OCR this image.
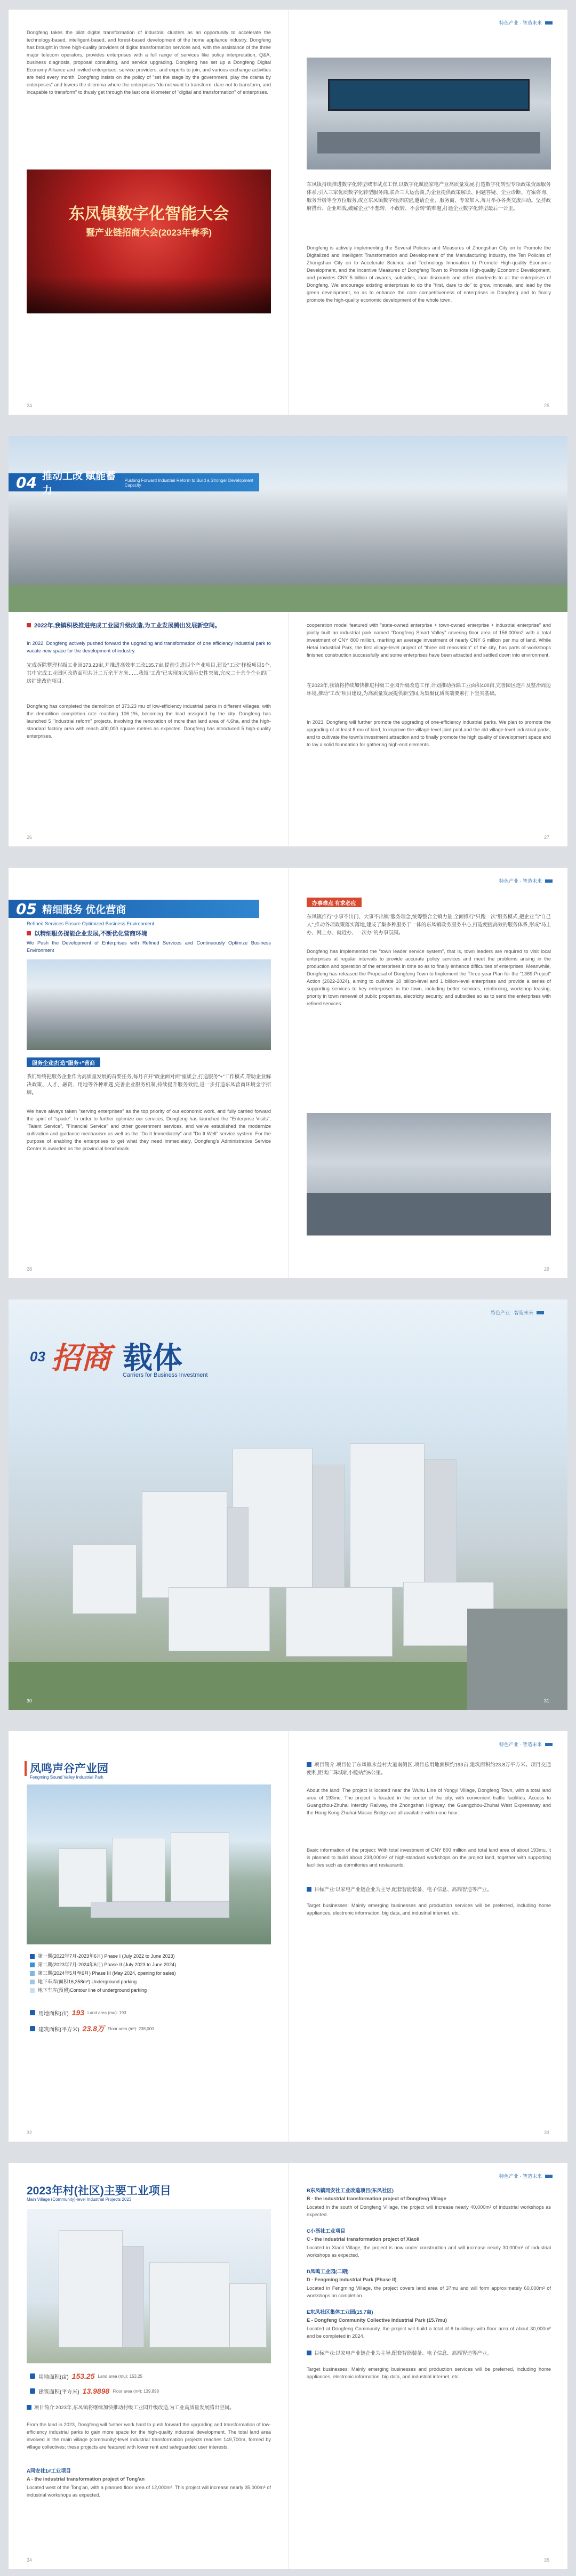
Dongfeng takes the pilot digital transformation of industrial clusters as an opportunity to accelerate the technology-based, intelligent-based, and forest-based development of the home appliance industry. Dongfeng has brought in three high-quality providers of digital transformation services and, with the assistance of the three major telecom operators, provides enterprises with a full range of services like policy interpretation, Q&A, business diagnosis, proposal consulting, and service upgrading. Dongfeng has set up a Dongfeng Digital Economy Alliance and invited enterprises, service providers, and experts to join, and various exchange activities are held every month. Dongfeng insists on the policy of "set the stage by the government, play the drama by enterprises" and lowers the dilemma where the enterprises "do not want to transform, dare not to transform, and incapable to transform" to thusly get through the last one kilometer of "digital and transformation" of enterprises.
东凤镇数字化智能大会
暨产业链招商大会(2023年春季)
24
特色产业 · 智造未来
东凤镇持续推进数字化转型城市试点工作,以数字化赋能家电产业高质量发展,打造数字化转型专项政策资源服务体系,引入三家优质数字化转型服务商,联合三大运营商,为企业提供政策解读、问题答疑、企业诊断、方案咨询、服务升级等全方位服务,成立东凤镇数字经济联盟,邀请企业、服务商、专家加入,每月举办各类交流活动。坚持政府搭台、企业唱戏,破解企业"不想转、不敢转、不会转"的难题,打通企业数字化转型最后一公里。
Dongfeng is actively implementing the Several Policies and Measures of Zhongshan City on to Promote the Digitalized and Intelligent Transformation and Development of the Manufacturing Industry, the Ten Policies of Zhongshan City on to Accelerate Science and Technology Innovation to Promote High-quality Economic Development, and the Incentive Measures of Dongfeng Town to Promote High-quality Economic Development, and provides CNY 5 billion of awards, subsidies, loan discounts and other dividends to all the enterprises of Dongfeng. We encourage existing enterprises to do the "first, dare to do" to grow, innovate, and lead by the green development, so as to enhance the core competitiveness of enterprises in Dongfeng and to finally promote the high-quality economic development of the whole town.
25
04 推动工改 赋能蓄力
Pushing Forward Industrial Reform to Build a Stronger Development Capacity
2022年,我镇积极推进完成工业园升级改造,为工业发展腾出发展新空间。
In 2022, Dongfeng actively pushed forward the upgrading and transformation of one efficiency industrial park to vacate new space for the development of industry.
完成拆除整理村级工业园373.23亩,并推进高效率工改135.7亩,提前引进四个产业项目,建设"工改"样板项目5个,其中完成工业园区改造面积共计二万余平方米……我镇"工改"已实现东凤镇历史性突破,完成二十余个企业的厂房扩建改造项目。
Dongfeng has completed the demolition of 373.23 mu of low-efficiency industrial parks in different villages, with the demolition completion rate reaching 106.1%, becoming the lead assigned by the city. Dongfeng has launched 5 "Industrial reform" projects, involving the renovation of more than land area of 4.6ha, and the high-standard factory area with reach 400,000 square meters as expected. Dongfeng has introduced 5 high-quality enterprises.
26
cooperation model featured with "state-owned enterprise + town-owned enterprise + industrial enterprise" and jointly built an industrial park named "Dongfeng Smart Valley" covering floor area of 156,000m2 with a total investment of CNY 800 million, marking an average investment of nearly CNY 6 million per mu of land. While Hetai Industrial Park, the first village-level project of "three old renovation" of the city, has parts of workshops finished construction successfully and some enterprises have been attracted and settled down into environment.
在2023年,我镇将持续加快推进村级工业园升级改造工作,计划推动拆除工业面积400亩,完善园区连片及整治周边环境,推动"工改"项目建设,为高质量发展提供新空间,为集聚优质高端要素打下坚实基础。
In 2023, Dongfeng will further promote the upgrading of one-efficiency industrial parks. We plan to promote the upgrading of at least 8 mu of land, to improve the village-level joint pool and the old village-level industrial parks, and to cultivate the town's investment attraction and to finally promote the high quality of development space and to lay a solid foundation for gathering high-end elements.
27
05 精细服务 优化营商
Refined Services Ensure Optimized Business Environment
以精细服务提能企业发展,不断优化营商环境
We Push the Development of Enterprises with Refined Services and Continuously Optimize Business Environment
服务企业|打造"服务+"营商
我们始终把服务企业作为高质量发展的首要任务,每月召开"政企面对面"座谈会,打造服务"+"工作模式,帮助企业解决政策、人才、融资、用地等各种难题,完善企业服务机制,持续提升服务效能,进一步打造东凤营商环境金字招牌。
We have always taken "serving enterprises" as the top priority of our economic work, and fully carried forward the spirit of "spade". In order to further optimize our services, Dongfeng has launched the "Enterprise Visits", "Talent Service", "Financial Service" and other government services, and we've established the modernize cultivation and guidance mechanism as well as the "Do It Immediately" and "Do It Well" service system. For the purpose of enabling the enterprises to get what they need immediately, Dongfeng's Administrative Service Center is awarded as the provincial benchmark.
28
特色产业 · 智造未来
办事难点 有求必应
东凤镇推行"小事不出门、大事不出镇"服务理念,统筹整合全镇力量,全面推行"只跑一次"服务模式,把企业当"自己人",推动各项政策落实落地,建成了集多种服务于一体的东凤镇政务服务中心,打造便捷高效的服务体系,形成"马上办、网上办、就近办、一次办"的办事氛围。
Dongfeng has implemented the "town leader service system", that is, town leaders are required to visit local enterprises at regular intervals to provide accurate policy services and meet the problems arising in the production and operation of the enterprises in time so as to finally enhance difficulties of enterprises. Meanwhile, Dongfeng has released the Proposal of Dongfeng Town to Implement the Three-year Plan for the "1369 Project" Action (2022-2024), aiming to cultivate 10 billion-level and 1 billion-level enterprises and provide a series of supporting services to key enterprises in the town, including better services, reinforcing, workshop leasing, priority in town renewal of public properties, electricity security, and subsidies so as to send the enterprises with refined services.
29
特色产业 · 智造未来
03 招商 载体
Carriers for Business Investment
30	31
凤鸣声谷产业园
Fengming Sound Valley Industrial Park
第一期(2022年7月-2023年6月) Phase I (July 2022 to June 2023)
第二期(2023年7月-2024年6月) Phase II (July 2023 to June 2024)
第三期(2024年5月至6月) Phase III (May 2024, opening for sales)
地下车库(面积16,358m²) Underground parking
地下车库(预留)Contour line of underground parking
用地面积(亩) 193 Land area (mu): 193
建筑面积(平方米) 23.8万 Floor area (m²): 238,000
32
特色产业 · 智造未来
项目简介:项目位于东凤镇永益村大道南侧区,项目总用地面积约193亩,建筑面积约23.8万平方米。项目交通便利,距离广珠城轨小榄站约5公里。
About the land: The project is located near the Wuhu Line of Yongyi Village, Dongfeng Town, with a total land area of 193mu. The project is located in the center of the city, with convenient traffic facilities. Access to Guangzhou-Zhuhai Intercity Railway, the Zhongshan Highway, the Guangzhou-Zhuhai West Expressway and the Hong Kong-Zhuhai-Macao Bridge are all available within one hour.
Basic information of the project: With total investment of CNY 800 million and total land area of about 193mu, it is planned to build about 238,000m² of high-standard workshops on the project land, together with supporting facilities such as dormitories and restaurants.
目标产业:以家电产业链企业为主导,配套智能装备、电子信息、高端智造等产业。
Target businesses: Mainly emerging businesses and production services will be preferred, including home appliances, electronic information, big data, and industrial internet, etc.
33
2023年村(社区)主要工业项目
Main Village (Community)-level Industrial Projects 2023
用地面积(亩) 153.25 Land area (mu): 153.25
建筑面积(平方米) 13.9898 Floor area (m²): 139,898
项目简介:2023年,东凤镇将继续加快推动村级工业园升级改造,为工业高质量发展腾出空间。
From the land in 2023, Dongfeng will further work hard to push forward the upgrading and transformation of low-efficiency industrial parks to gain more space for the high-quality industrial development. The total land area involved in the main village (community)-level industrial transformation projects reaches 149,700m, formed by village collectives; these projects are featured with lower rent and safeguarded user interests.
A同安社1#工业项目
A - the industrial transformation project of Tong'an
Located west of the Tong'an, with a planned floor area of 12,000m². This project will increase nearly 35,000m² of industrial workshops as expected.
34
特色产业 · 智造未来
B东凤镇同安社工业改造项目(东凤社区)
B - the industrial transformation project of Dongfeng Village
Located in the south of Dongfeng Village, the project will increase nearly 40,000m² of industrial workshops as expected.
C小沥社工业项目
C - the industrial transformation project of Xiaoli
Located in Xiaoli Village, the project is now under construction and will increase nearly 30,000m² of industrial workshops as expected.
D凤鸣工业园(二期)
D - Fengming Industrial Park (Phase II)
Located in Fengming Village, the project covers land area of 37mu and will form approximately 60,000m² of workshops on completion.
E东凤社区集体工业园(15.7亩)
E - Dongfeng Community Collective Industrial Park (15.7mu)
Located at Dongfeng Community, the project will build a total of 6 buildings with floor area of about 30,000m² and be completed in 2024.
目标产业:以家电产业链企业为主导,配套智能装备、电子信息、高端智造等产业。
Target businesses: Mainly emerging businesses and production services will be preferred, including home appliances, electronic information, big data, and industrial internet, etc.
35
